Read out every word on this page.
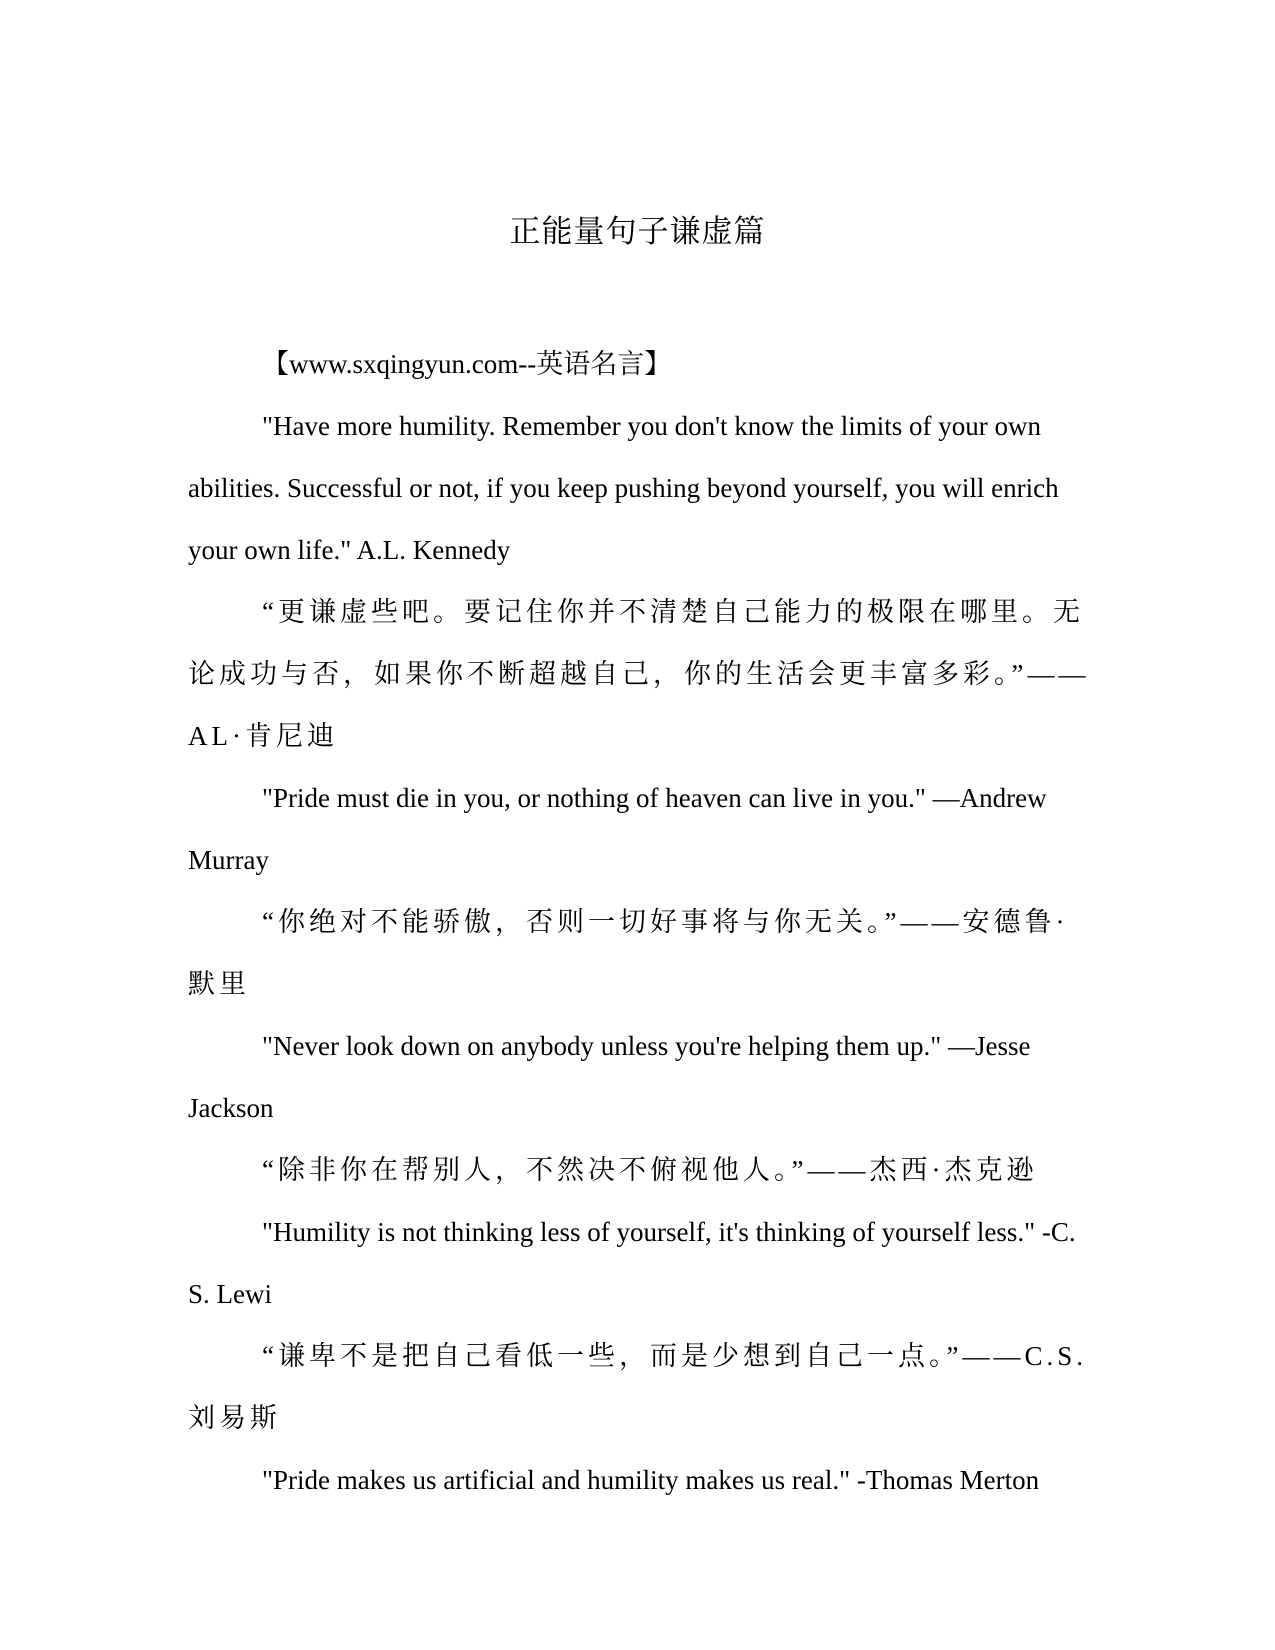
正能量句子谦虚篇

【www.sxqingyun.com--英语名言】

"Have more humility. Remember you don't know the limits of your own abilities. Successful or not, if you keep pushing beyond yourself, you will enrich your own life." A.L. Kennedy

“更谦虚些吧。要记住你并不清楚自己能力的极限在哪里。无论成功与否，如果你不断超越自己，你的生活会更丰富多彩。”——AL·肯尼迪

"Pride must die in you, or nothing of heaven can live in you." —Andrew Murray

“你绝对不能骄傲，否则一切好事将与你无关。”——安德鲁·默里

"Never look down on anybody unless you're helping them up." —Jesse Jackson

“除非你在帮别人，不然决不俯视他人。”——杰西·杰克逊

"Humility is not thinking less of yourself, it's thinking of yourself less." -C. S. Lewi

“谦卑不是把自己看低一些，而是少想到自己一点。”——C.S.刘易斯

"Pride makes us artificial and humility makes us real." -Thomas Merton
